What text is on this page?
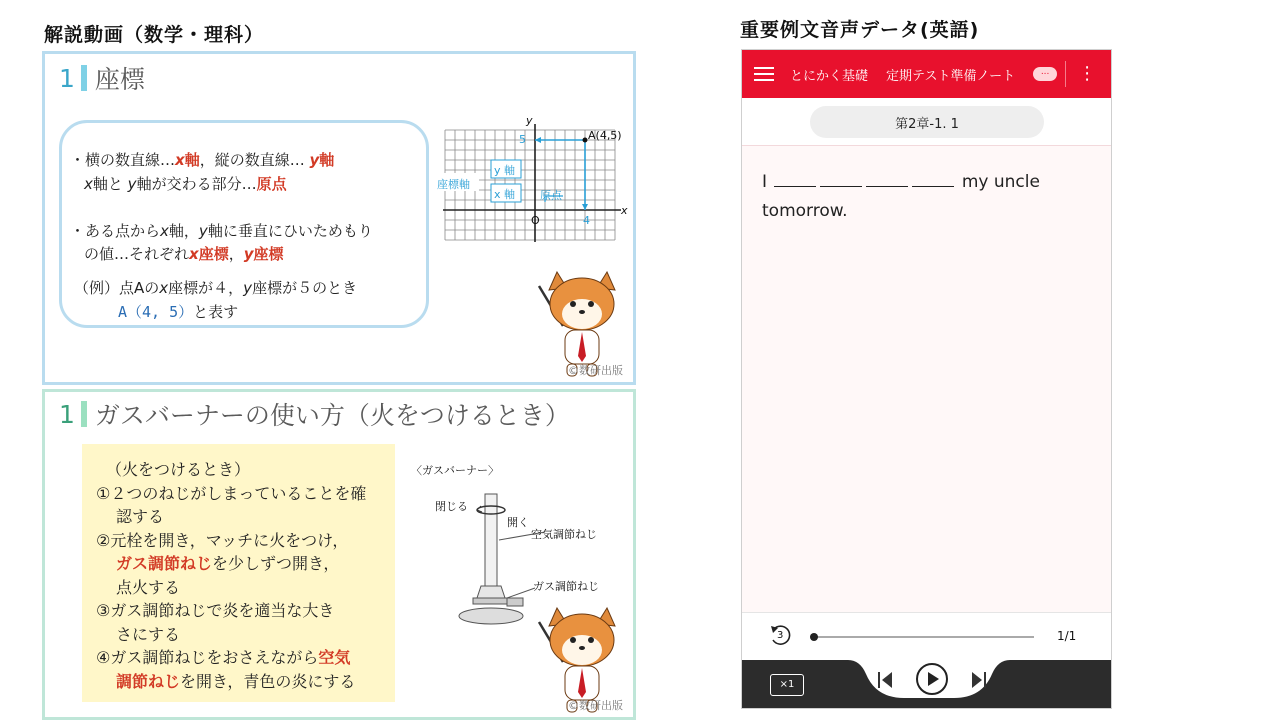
解説動画（数学・理科）	重要例文音声データ(英語)
1 座標
・横の数直線…x軸，縦の数直線… y軸
x軸と y軸が交わる部分…原点
・ある点からx軸，y軸に垂直にひいためもり
の値…それぞれx座標，y座標
（例）点Aのx座標が４，y座標が５のとき
A（4, 5）と表す
y
x
O
A(4,5)
5
4
座標軸
y 軸
x 軸 原点
©数研出版
1 ガスバーナーの使い方（火をつけるとき）
（火をつけるとき）
①２つのねじがしまっていることを確
認する
②元栓を開き，マッチに火をつけ，
ガス調節ねじを少しずつ開き，
点火する
③ガス調節ねじで炎を適当な大き
さにする
④ガス調節ねじをおさえながら空気
調節ねじを開き，青色の炎にする
〈ガスバーナー〉
閉じる
開く
空気調節ねじ
ガス調節ねじ
©数研出版
とにかく基礎 定期テスト準備ノート	...	⋮
第2章-1. 1
I	my uncle
tomorrow.
3	1/1
×1
